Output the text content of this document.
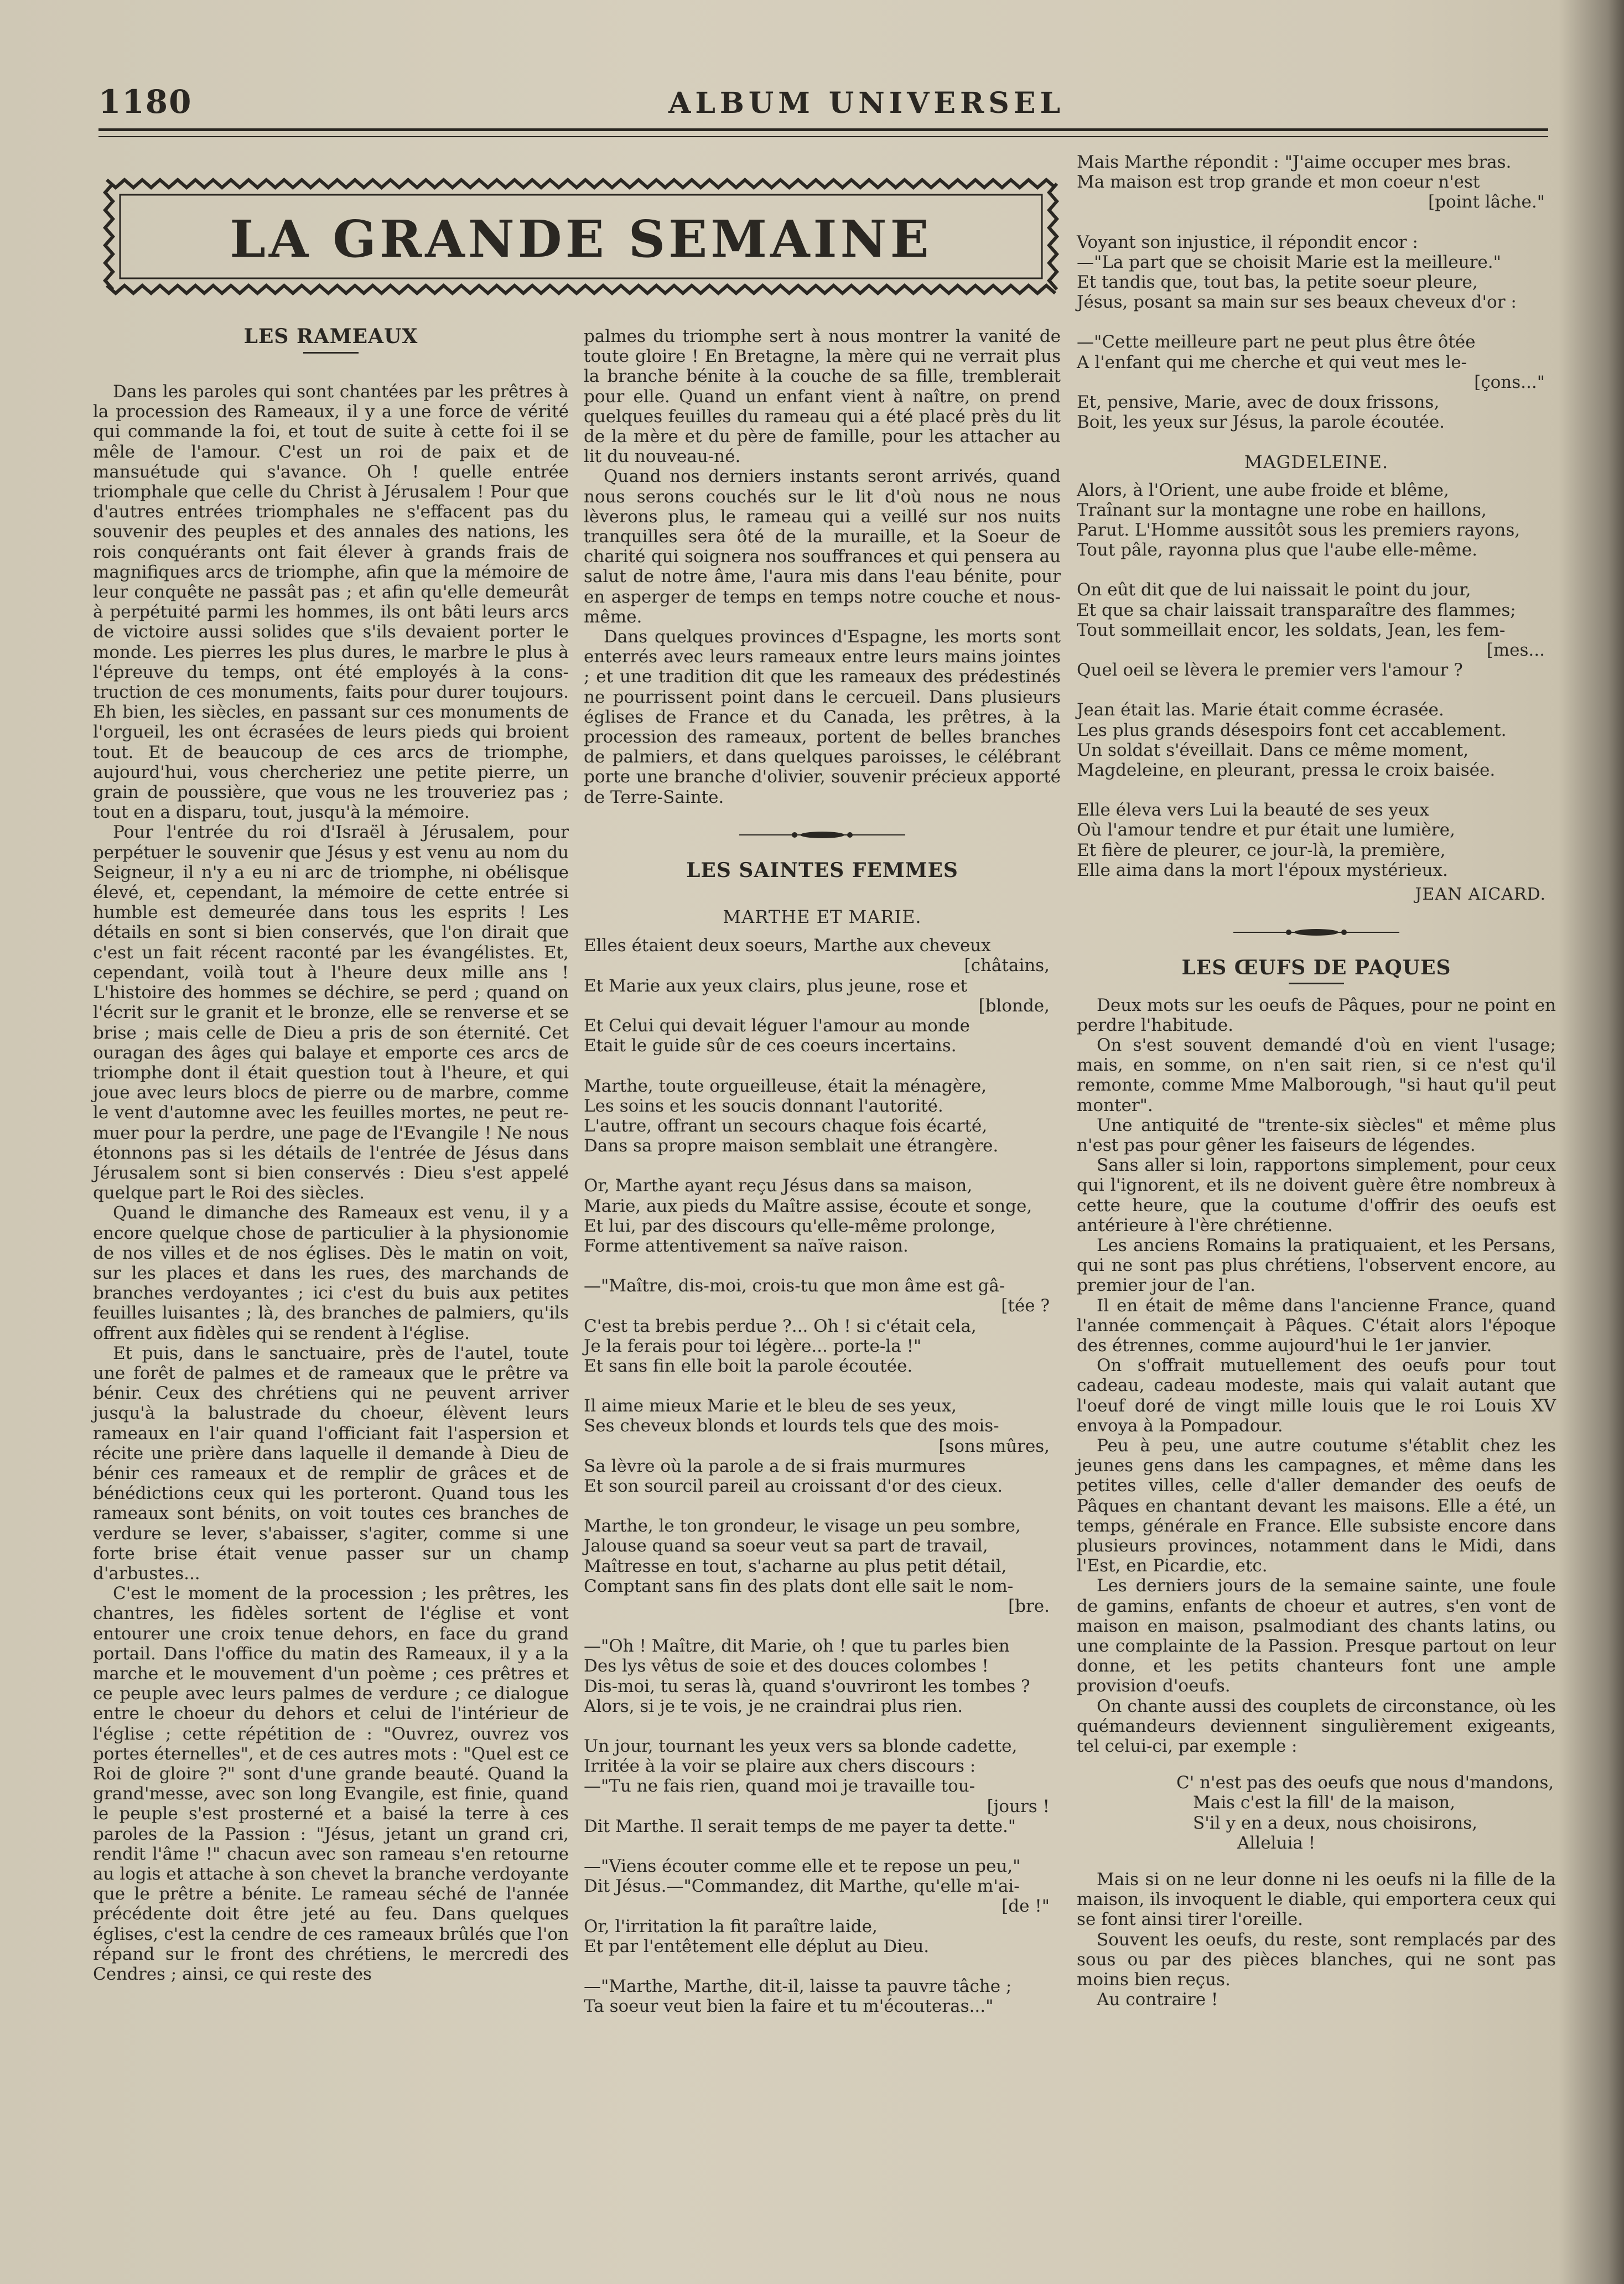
1180	ALBUM UNIVERSEL
LA GRANDE SEMAINE
LES RAMEAUX

Dans les paroles qui sont chantées par les prêtres à la procession des Rameaux, il y a une force de vérité qui commande la foi, et tout de suite à cette foi il se mêle de l'amour. C'est un roi de paix et de mansuétude qui s'avance. Oh ! quelle entrée triomphale que celle du Christ à Jérusalem ! Pour que d'autres entrées triomphales ne s'effacent pas du souvenir des peuples et des annales des nations, les rois conquérants ont fait élever à grands frais de magnifiques arcs de triomphe, afin que la mémoire de leur conquête ne passât pas ; et afin qu'elle demeurât à perpétuité parmi les hommes, ils ont bâti leurs arcs de victoire aussi solides que s'ils devaient porter le monde. Les pierres les plus dures, le marbre le plus à l'épreuve du temps, ont été employés à la construction de ces monuments, faits pour durer toujours. Eh bien, les siècles, en passant sur ces monuments de l'orgueil, les ont écrasées de leurs pieds qui broient tout. Et de beaucoup de ces arcs de triomphe, aujourd'hui, vous chercheriez une petite pierre, un grain de poussière, que vous ne les trouveriez pas ; tout en a disparu, tout, jusqu'à la mémoire.

Pour l'entrée du roi d'Israël à Jérusalem, pour perpétuer le souvenir que Jésus y est venu au nom du Seigneur, il n'y a eu ni arc de triomphe, ni obélisque élevé, et, cependant, la mémoire de cette entrée si humble est demeurée dans tous les esprits ! Les détails en sont si bien conservés, que l'on dirait que c'est un fait récent raconté par les évangélistes. Et, cependant, voilà tout à l'heure deux mille ans ! L'histoire des hommes se déchire, se perd ; quand on l'écrit sur le granit et le bronze, elle se renverse et se brise ; mais celle de Dieu a pris de son éternité. Cet ouragan des âges qui balaye et emporte ces arcs de triomphe dont il était question tout à l'heure, et qui joue avec leurs blocs de pierre ou de marbre, comme le vent d'automne avec les feuilles mortes, ne peut remuer pour la perdre, une page de l'Evangile ! Ne nous étonnons pas si les détails de l'entrée de Jésus dans Jérusalem sont si bien conservés : Dieu s'est appelé quelque part le Roi des siècles.

Quand le dimanche des Rameaux est venu, il y a encore quelque chose de particulier à la physionomie de nos villes et de nos églises. Dès le matin on voit, sur les places et dans les rues, des marchands de branches verdoyantes ; ici c'est du buis aux petites feuilles luisantes ; là, des branches de palmiers, qu'ils offrent aux fidèles qui se rendent à l'église.

Et puis, dans le sanctuaire, près de l'autel, toute une forêt de palmes et de rameaux que le prêtre va bénir. Ceux des chrétiens qui ne peuvent arriver jusqu'à la balustrade du choeur, élèvent leurs rameaux en l'air quand l'officiant fait l'aspersion et récite une prière dans laquelle il demande à Dieu de bénir ces rameaux et de remplir de grâces et de bénédictions ceux qui les porteront. Quand tous les rameaux sont bénits, on voit toutes ces branches de verdure se lever, s'abaisser, s'agiter, comme si une forte brise était venue passer sur un champ d'arbustes...

C'est le moment de la procession ; les prêtres, les chantres, les fidèles sortent de l'église et vont entourer une croix tenue dehors, en face du grand portail. Dans l'office du matin des Rameaux, il y a la marche et le mouvement d'un poème ; ces prêtres et ce peuple avec leurs palmes de verdure ; ce dialogue entre le choeur du dehors et celui de l'intérieur de l'église ; cette répétition de : "Ouvrez, ouvrez vos portes éternelles", et de ces autres mots : "Quel est ce Roi de gloire ?" sont d'une grande beauté. Quand la grand'messe, avec son long Evangile, est finie, quand le peuple s'est prosterné et a baisé la terre à ces paroles de la Passion : "Jésus, jetant un grand cri, rendit l'âme !" chacun avec son rameau s'en retourne au logis et attache à son chevet la branche verdoyante que le prêtre a bénite. Le rameau séché de l'année précédente doit être jeté au feu. Dans quelques églises, c'est la cendre de ces rameaux brûlés que l'on répand sur le front des chrétiens, le mercredi des Cendres ; ainsi, ce qui reste des

palmes du triomphe sert à nous montrer la vanité de toute gloire ! En Bretagne, la mère qui ne verrait plus la branche bénite à la couche de sa fille, tremblerait pour elle. Quand un enfant vient à naître, on prend quelques feuilles du rameau qui a été placé près du lit de la mère et du père de famille, pour les attacher au lit du nouveau-né.

Quand nos derniers instants seront arrivés, quand nous serons couchés sur le lit d'où nous ne nous lèverons plus, le rameau qui a veillé sur nos nuits tranquilles sera ôté de la muraille, et la Soeur de charité qui soignera nos souffrances et qui pensera au salut de notre âme, l'aura mis dans l'eau bénite, pour en asperger de temps en temps notre couche et nous-même.

Dans quelques provinces d'Espagne, les morts sont enterrés avec leurs rameaux entre leurs mains jointes ; et une tradition dit que les rameaux des prédestinés ne pourrissent point dans le cercueil. Dans plusieurs églises de France et du Canada, les prêtres, à la procession des rameaux, portent de belles branches de palmiers, et dans quelques paroisses, le célébrant porte une branche d'olivier, souvenir précieux apporté de Terre-Sainte.

LES SAINTES FEMMES
MARTHE ET MARIE.
Elles étaient deux soeurs, Marthe aux cheveux
[châtains,
Et Marie aux yeux clairs, plus jeune, rose et
[blonde,
Et Celui qui devait léguer l'amour au monde
Etait le guide sûr de ces coeurs incertains.
Marthe, toute orgueilleuse, était la ménagère,
Les soins et les soucis donnant l'autorité.
L'autre, offrant un secours chaque fois écarté,
Dans sa propre maison semblait une étrangère.
Or, Marthe ayant reçu Jésus dans sa maison,
Marie, aux pieds du Maître assise, écoute et songe,
Et lui, par des discours qu'elle-même prolonge,
Forme attentivement sa naïve raison.
—"Maître, dis-moi, crois-tu que mon âme est gâ-
[tée ?
C'est ta brebis perdue ?... Oh ! si c'était cela,
Je la ferais pour toi légère... porte-la !"
Et sans fin elle boit la parole écoutée.
Il aime mieux Marie et le bleu de ses yeux,
Ses cheveux blonds et lourds tels que des mois-
[sons mûres,
Sa lèvre où la parole a de si frais murmures
Et son sourcil pareil au croissant d'or des cieux.
Marthe, le ton grondeur, le visage un peu sombre,
Jalouse quand sa soeur veut sa part de travail,
Maîtresse en tout, s'acharne au plus petit détail,
Comptant sans fin des plats dont elle sait le nom-
[bre.
—"Oh ! Maître, dit Marie, oh ! que tu parles bien
Des lys vêtus de soie et des douces colombes !
Dis-moi, tu seras là, quand s'ouvriront les tombes ?
Alors, si je te vois, je ne craindrai plus rien.
Un jour, tournant les yeux vers sa blonde cadette,
Irritée à la voir se plaire aux chers discours :
—"Tu ne fais rien, quand moi je travaille tou-
[jours !
Dit Marthe. Il serait temps de me payer ta dette."
—"Viens écouter comme elle et te repose un peu,"
Dit Jésus.—"Commandez, dit Marthe, qu'elle m'ai-
[de !"
Or, l'irritation la fit paraître laide,
Et par l'entêtement elle déplut au Dieu.
—"Marthe, Marthe, dit-il, laisse ta pauvre tâche ;
Ta soeur veut bien la faire et tu m'écouteras..."
Mais Marthe répondit : "J'aime occuper mes bras.
Ma maison est trop grande et mon coeur n'est
[point lâche."
Voyant son injustice, il répondit encor :
—"La part que se choisit Marie est la meilleure."
Et tandis que, tout bas, la petite soeur pleure,
Jésus, posant sa main sur ses beaux cheveux d'or :
—"Cette meilleure part ne peut plus être ôtée
A l'enfant qui me cherche et qui veut mes le-
[çons..."
Et, pensive, Marie, avec de doux frissons,
Boit, les yeux sur Jésus, la parole écoutée.
MAGDELEINE.
Alors, à l'Orient, une aube froide et blême,
Traînant sur la montagne une robe en haillons,
Parut. L'Homme aussitôt sous les premiers rayons,
Tout pâle, rayonna plus que l'aube elle-même.
On eût dit que de lui naissait le point du jour,
Et que sa chair laissait transparaître des flammes;
Tout sommeillait encor, les soldats, Jean, les fem-
[mes...
Quel oeil se lèvera le premier vers l'amour ?
Jean était las. Marie était comme écrasée.
Les plus grands désespoirs font cet accablement.
Un soldat s'éveillait. Dans ce même moment,
Magdeleine, en pleurant, pressa le croix baisée.
Elle éleva vers Lui la beauté de ses yeux
Où l'amour tendre et pur était une lumière,
Et fière de pleurer, ce jour-là, la première,
Elle aima dans la mort l'époux mystérieux.
JEAN AICARD.
LES ŒUFS DE PAQUES

Deux mots sur les oeufs de Pâques, pour ne point en perdre l'habitude.

On s'est souvent demandé d'où en vient l'usage; mais, en somme, on n'en sait rien, si ce n'est qu'il remonte, comme Mme Malborough, "si haut qu'il peut monter".

Une antiquité de "trente-six siècles" et même plus n'est pas pour gêner les faiseurs de légendes.

Sans aller si loin, rapportons simplement, pour ceux qui l'ignorent, et ils ne doivent guère être nombreux à cette heure, que la coutume d'offrir des oeufs est antérieure à l'ère chrétienne.

Les anciens Romains la pratiquaient, et les Persans, qui ne sont pas plus chrétiens, l'observent encore, au premier jour de l'an.

Il en était de même dans l'ancienne France, quand l'année commençait à Pâques. C'était alors l'époque des étrennes, comme aujourd'hui le 1er janvier.

On s'offrait mutuellement des oeufs pour tout cadeau, cadeau modeste, mais qui valait autant que l'oeuf doré de vingt mille louis que le roi Louis XV envoya à la Pompadour.

Peu à peu, une autre coutume s'établit chez les jeunes gens dans les campagnes, et même dans les petites villes, celle d'aller demander des oeufs de Pâques en chantant devant les maisons. Elle a été, un temps, générale en France. Elle subsiste encore dans plusieurs provinces, notamment dans le Midi, dans l'Est, en Picardie, etc.

Les derniers jours de la semaine sainte, une foule de gamins, enfants de choeur et autres, s'en vont de maison en maison, psalmodiant des chants latins, ou une complainte de la Passion. Presque partout on leur donne, et les petits chanteurs font une ample provision d'oeufs.

On chante aussi des couplets de circonstance, où les quémandeurs deviennent singulièrement exigeants, tel celui-ci, par exemple :

C' n'est pas des oeufs que nous d'mandons,
Mais c'est la fill' de la maison,
S'il y en a deux, nous choisirons,
Alleluia !

Mais si on ne leur donne ni les oeufs ni la fille de la maison, ils invoquent le diable, qui emportera ceux qui se font ainsi tirer l'oreille.

Souvent les oeufs, du reste, sont remplacés par des sous ou par des pièces blanches, qui ne sont pas moins bien reçus.

Au contraire !
